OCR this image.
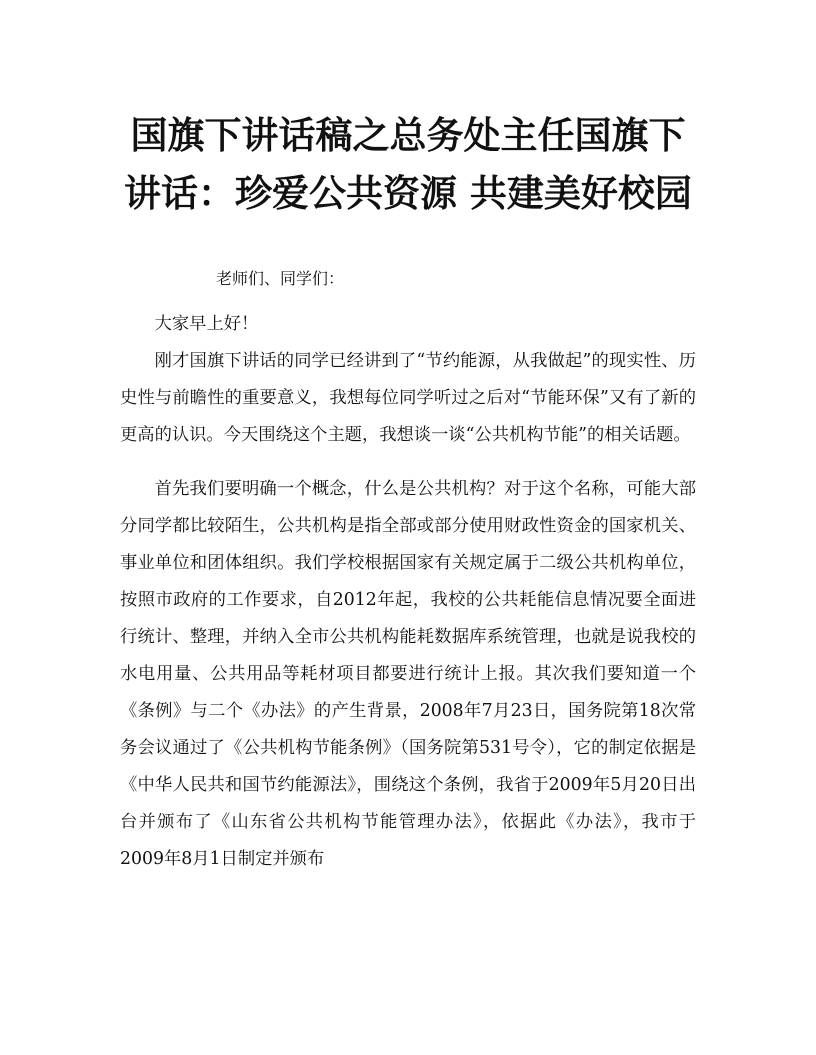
国旗下讲话稿之总务处主任国旗下讲话：珍爱公共资源 共建美好校园

老师们、同学们：

大家早上好！

刚才国旗下讲话的同学已经讲到了“节约能源，从我做起”的现实性、历史性与前瞻性的重要意义，我想每位同学听过之后对“节能环保”又有了新的更高的认识。今天围绕这个主题，我想谈一谈“公共机构节能”的相关话题。

首先我们要明确一个概念，什么是公共机构？对于这个名称，可能大部分同学都比较陌生，公共机构是指全部或部分使用财政性资金的国家机关、事业单位和团体组织。我们学校根据国家有关规定属于二级公共机构单位，按照市政府的工作要求，自2012年起，我校的公共耗能信息情况要全面进行统计、整理，并纳入全市公共机构能耗数据库系统管理，也就是说我校的水电用量、公共用品等耗材项目都要进行统计上报。其次我们要知道一个《条例》与二个《办法》的产生背景，2008年7月23日，国务院第18次常务会议通过了《公共机构节能条例》（国务院第531号令），它的制定依据是《中华人民共和国节约能源法》，围绕这个条例，我省于2009年5月20日出台并颁布了《山东省公共机构节能管理办法》，依据此《办法》，我市于2009年8月1日制定并颁布
